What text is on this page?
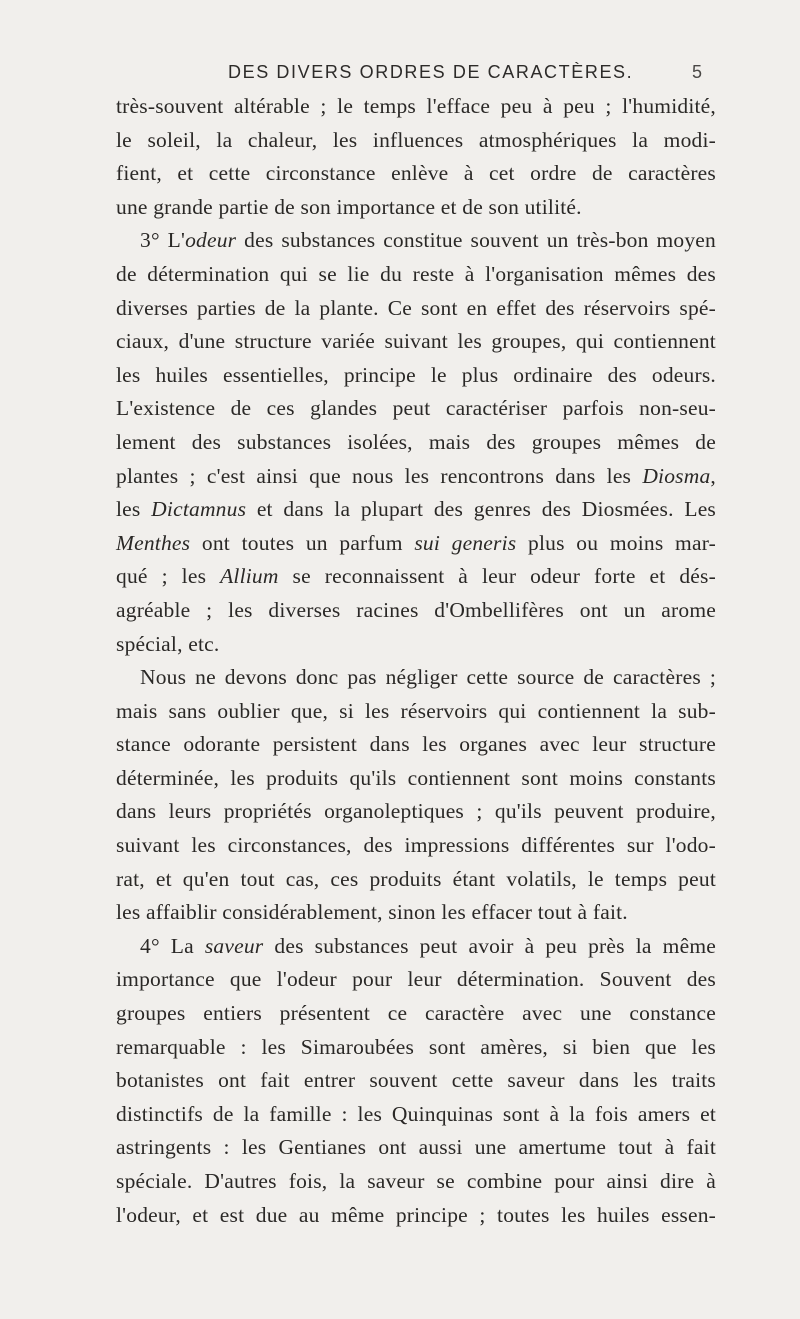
DES DIVERS ORDRES DE CARACTÈRES.	5
très-souvent altérable ; le temps l'efface peu à peu ; l'humidité,
le soleil, la chaleur, les influences atmosphériques la modi-
fient, et cette circonstance enlève à cet ordre de caractères
une grande partie de son importance et de son utilité.
3° L'odeur des substances constitue souvent un très-bon moyen
de détermination qui se lie du reste à l'organisation mêmes des
diverses parties de la plante. Ce sont en effet des réservoirs spé-
ciaux, d'une structure variée suivant les groupes, qui contiennent
les huiles essentielles, principe le plus ordinaire des odeurs.
L'existence de ces glandes peut caractériser parfois non-seu-
lement des substances isolées, mais des groupes mêmes de
plantes ; c'est ainsi que nous les rencontrons dans les Diosma,
les Dictamnus et dans la plupart des genres des Diosmées. Les
Menthes ont toutes un parfum sui generis plus ou moins mar-
qué ; les Allium se reconnaissent à leur odeur forte et dés-
agréable ; les diverses racines d'Ombellifères ont un arome
spécial, etc.
Nous ne devons donc pas négliger cette source de caractères ;
mais sans oublier que, si les réservoirs qui contiennent la sub-
stance odorante persistent dans les organes avec leur structure
déterminée, les produits qu'ils contiennent sont moins constants
dans leurs propriétés organoleptiques ; qu'ils peuvent produire,
suivant les circonstances, des impressions différentes sur l'odo-
rat, et qu'en tout cas, ces produits étant volatils, le temps peut
les affaiblir considérablement, sinon les effacer tout à fait.
4° La saveur des substances peut avoir à peu près la même
importance que l'odeur pour leur détermination. Souvent des
groupes entiers présentent ce caractère avec une constance
remarquable : les Simaroubées sont amères, si bien que les
botanistes ont fait entrer souvent cette saveur dans les traits
distinctifs de la famille : les Quinquinas sont à la fois amers et
astringents : les Gentianes ont aussi une amertume tout à fait
spéciale. D'autres fois, la saveur se combine pour ainsi dire à
l'odeur, et est due au même principe ; toutes les huiles essen-
